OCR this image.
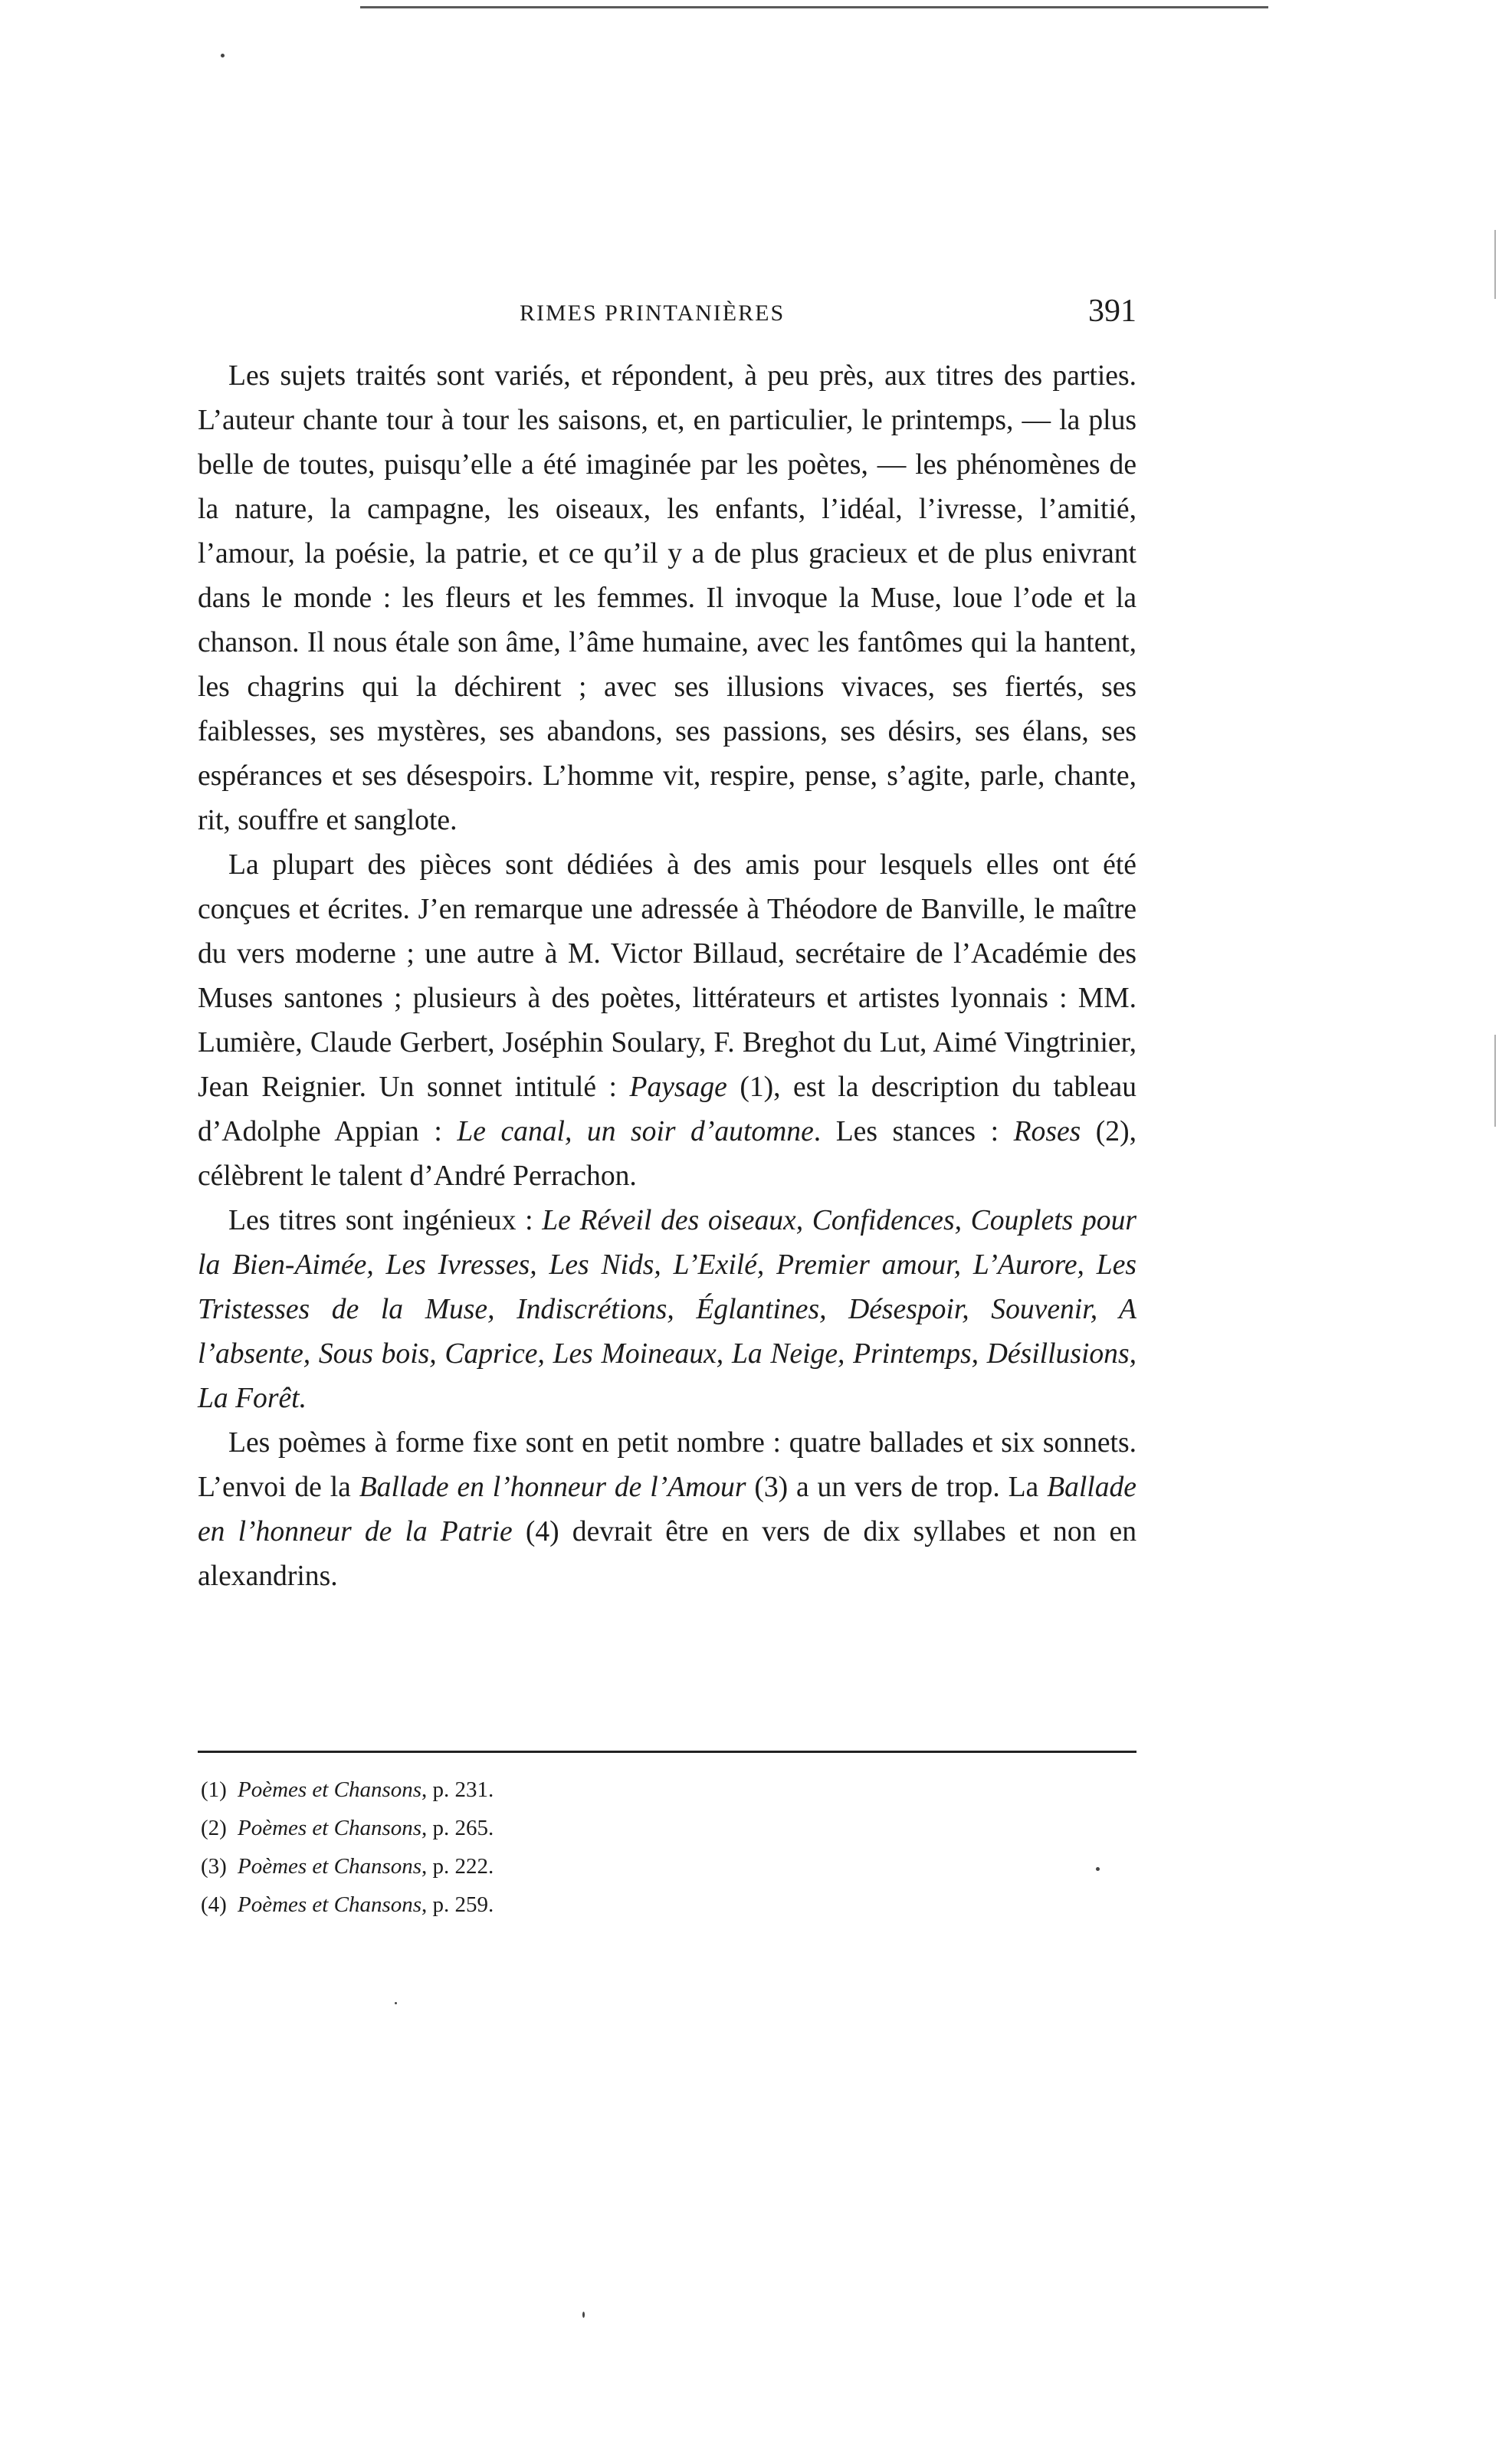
RIMES PRINTANIÈRES	391

Les sujets traités sont variés, et répondent, à peu près, aux titres des parties. L’auteur chante tour à tour les saisons, et, en particulier, le printemps, — la plus belle de toutes, puisqu’elle a été imaginée par les poètes, — les phénomènes de la nature, la campagne, les oiseaux, les enfants, l’idéal, l’ivresse, l’amitié, l’amour, la poésie, la patrie, et ce qu’il y a de plus gracieux et de plus enivrant dans le monde : les fleurs et les femmes. Il invoque la Muse, loue l’ode et la chanson. Il nous étale son âme, l’âme humaine, avec les fantômes qui la hantent, les chagrins qui la déchirent ; avec ses illusions vivaces, ses fiertés, ses faiblesses, ses mystères, ses abandons, ses passions, ses désirs, ses élans, ses espérances et ses désespoirs. L’homme vit, respire, pense, s’agite, parle, chante, rit, souffre et sanglote.

La plupart des pièces sont dédiées à des amis pour lesquels elles ont été conçues et écrites. J’en remarque une adressée à Théodore de Banville, le maître du vers moderne ; une autre à M. Victor Billaud, secrétaire de l’Académie des Muses santones ; plusieurs à des poètes, littérateurs et artistes lyonnais : MM. Lumière, Claude Gerbert, Joséphin Soulary, F. Breghot du Lut, Aimé Vingtrinier, Jean Reignier. Un sonnet intitulé : Paysage (1), est la description du tableau d’Adolphe Appian : Le canal, un soir d’automne. Les stances : Roses (2), célèbrent le talent d’André Perrachon.

Les titres sont ingénieux : Le Réveil des oiseaux, Confidences, Couplets pour la Bien-Aimée, Les Ivresses, Les Nids, L’Exilé, Premier amour, L’Aurore, Les Tristesses de la Muse, Indiscrétions, Églantines, Désespoir, Souvenir, A l’absente, Sous bois, Caprice, Les Moineaux, La Neige, Printemps, Désillusions, La Forêt.

Les poèmes à forme fixe sont en petit nombre : quatre ballades et six sonnets. L’envoi de la Ballade en l’honneur de l’Amour (3) a un vers de trop. La Ballade en l’honneur de la Patrie (4) devrait être en vers de dix syllabes et non en alexandrins.

(1) Poèmes et Chansons, p. 231.
(2) Poèmes et Chansons, p. 265.
(3) Poèmes et Chansons, p. 222.
(4) Poèmes et Chansons, p. 259.
